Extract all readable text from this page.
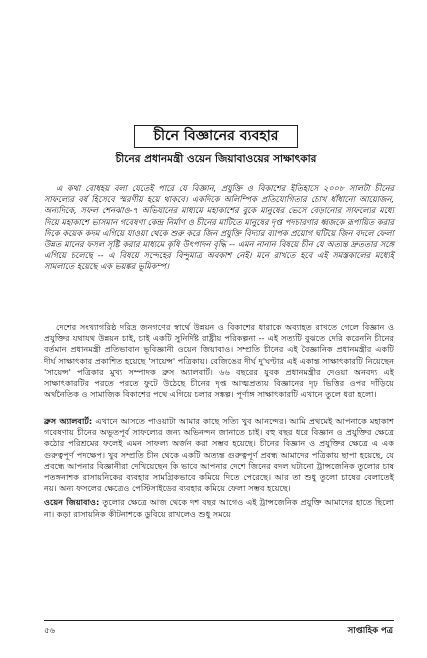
চীনে বিজ্ঞানের ব্যবহার
চীনের প্রধানমন্ত্রী ওয়েন জিয়াবাওয়ের সাক্ষাৎকার

এ কথা বোধহয় বলা যেতেই পারে যে বিজ্ঞান, প্রযুক্তি ও বিকাশের ইতিহাসে ২০০৮ সালটা চীনের সাফল্যের বর্ষ হিসেবে স্মরণীয় হয়ে থাকবে। একদিকে অলিম্পিক প্রতিযোগিতার চোখ ধাঁধানো আয়োজন, অন্যদিকে, সফল শেনঝাও-৭ অভিযানের মাধ্যমে মহাকাশের বুকে মানুষের ভেসে বেড়ানোর সাফল্যের মধ্যে দিয়ে মহাকাশে ভাসমান গবেষণা কেন্দ্র নির্মাণ ও চীনের মাটিতে মানুষের দৃপ্ত পদচারণার ধ্বজকে রূপায়িত করার দিকে কয়েক কদম এগিয়ে যাওয়া থেকে শুরু করে জিন প্রযুক্তি বিদ্যার ব্যাপক প্রয়োগ ঘটিয়ে জিন বদলে ফেলা উন্নত মানের ফসল সৃষ্টি করার মাধ্যমে কৃষি উৎপাদন বৃদ্ধি -- এমন নানান বিষয়ে চীন যে অত্যন্ত দ্রুততার সঙ্গে এগিয়ে চলেছে -- এ বিষয়ে সন্দেহের বিন্দুমাত্র অবকাশ নেই। মনে রাখতে হবে এই সমস্তকালের মধ্যেই সামলাতে হয়েছে এক ভয়ঙ্কর ভূমিকম্প।

দেশের সংখ্যাগরিষ্ঠ দরিদ্র জনগণের স্বার্থে উন্নয়ন ও বিকাশের ধারাকে অব্যাহত রাখতে গেলে বিজ্ঞান ও প্রযুক্তির যথাযথ উন্নয়ন চাই, চাই একটি সুনির্দিষ্ট রাষ্ট্রীয় পরিকল্পনা -- এই সত্যটি বুঝতে দেরি করেননি চীনের বর্তমান প্রধানমন্ত্রী প্রতিভাবান ভূবিজ্ঞানী ওয়েন জিয়াবাও। সম্প্রতি চীনের এই বৈজ্ঞানিক প্রধানমন্ত্রীর একটি দীর্ঘ সাক্ষাৎকার প্রকাশিত হয়েছে 'সায়েন্স' পত্রিকায়। বেজিঙের দীর্ঘ দু'ঘণ্টার এই একান্ত সাক্ষাৎকারটি নিয়েছেন 'সায়েন্স' পত্রিকার মুখ্য সম্পাদক ব্রুস অ্যালবার্ট। ৬৬ বছরের যুবক প্রধানমন্ত্রীর দেওয়া অনবদ্য এই সাক্ষাৎকারটির পরতে পরতে ফুটে উঠেছে চীনের দৃপ্ত আত্মপ্রত্যয় বিজ্ঞানের দৃঢ় ভিত্তির ওপর দাঁড়িয়ে অর্থনৈতিক ও সামাজিক বিকাশের পথে এগিয়ে চলার সঙ্কল্প। পূর্ণাঙ্গ সাক্ষাৎকারটি এখানে তুলে ধরা হলো।

ব্রুস অ্যালবার্ট: এখানে আসতে পাওয়াটা আমার কাছে সত্যি খুব আনন্দের। আমি প্রথমেই আপনাকে মহাকাশ গবেষণায় চীনের অভূতপূর্ব সাফল্যের জন্য অভিনন্দন জানাতে চাই। বহু বছর ধরে বিজ্ঞান ও প্রযুক্তির ক্ষেত্রে কঠোর পরিশ্রমের ফলেই এমন সাফল্য অর্জন করা সম্ভব হয়েছে। চীনের বিজ্ঞান ও প্রযুক্তির ক্ষেত্রে এ এক গুরুত্বপূর্ণ পদক্ষেপ। খুব সম্প্রতি চীন থেকে একটি অত্যন্ত গুরুত্বপূর্ণ প্রবন্ধ আমাদের পত্রিকায় ছাপা হয়েছে, যে প্রবন্ধে আপনার বিজ্ঞানীরা দেখিয়েছেন কি ভাবে আপনার দেশে জিনের বদল ঘটানো ট্রান্সজেনিক তুলোর চাষ পতঙ্গনাশক রাসায়নিকের ব্যবহার সামগ্রিকভাবে কমিয়ে দিতে পেরেছে। আর তা শুধু তুলো চাষের বেলাতেই নয়। অন্য ফসলের ক্ষেত্রেও পেস্টিসাইডের ব্যবহার কমিয়ে ফেলা সম্ভব হয়েছে।

ওয়েন জিয়াবাও: তুলোর ক্ষেত্রে আজ থেকে দশ বছর আগেও এই ট্রান্সজেনিক প্রযুক্তি আমাদের হাতে ছিলো না। কড়া রাসায়নিক কীটনাশকে ডুবিয়ে রাখলেও শুধু সময়ে

৫৬	সাপ্তাহিক পত্র
